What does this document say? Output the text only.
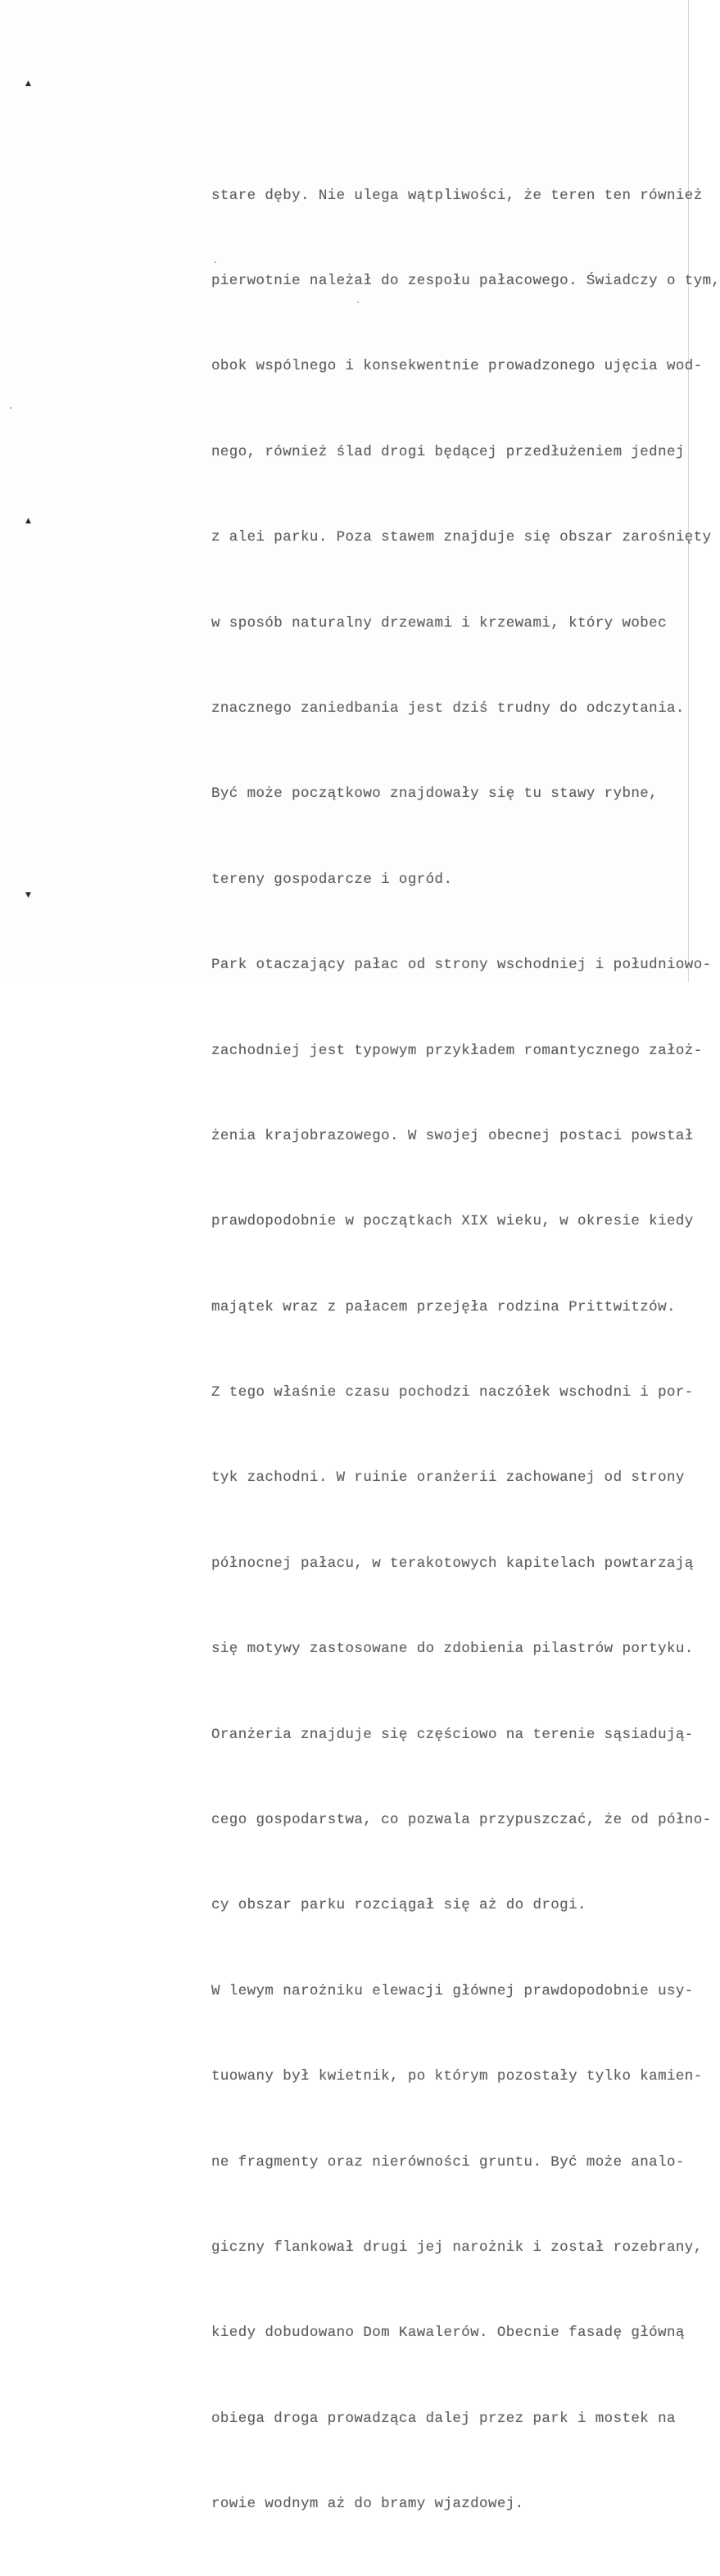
▲
▲
▼

stare dęby. Nie ulega wątpliwości, że teren ten również

pierwotnie należał do zespołu pałacowego. Świadczy o tym,

obok wspólnego i konsekwentnie prowadzonego ujęcia wod-

nego, również ślad drogi będącej przedłużeniem jednej

z alei parku. Poza stawem znajduje się obszar zarośnięty

w sposób naturalny drzewami i krzewami, który wobec

znacznego zaniedbania jest dziś trudny do odczytania.

Być może początkowo znajdowały się tu stawy rybne,

tereny gospodarcze i ogród.

Park otaczający pałac od strony wschodniej i południowo-

zachodniej jest typowym przykładem romantycznego założ-

żenia krajobrazowego. W swojej obecnej postaci powstał

prawdopodobnie w początkach XIX wieku, w okresie kiedy

majątek wraz z pałacem przejęła rodzina Prittwitzów.

Z tego właśnie czasu pochodzi naczółek wschodni i por-

tyk zachodni. W ruinie oranżerii zachowanej od strony

północnej pałacu, w terakotowych kapitelach powtarzają

się motywy zastosowane do zdobienia pilastrów portyku.

Oranżeria znajduje się częściowo na terenie sąsiadują-

cego gospodarstwa, co pozwala przypuszczać, że od półno-

cy obszar parku rozciągał się aż do drogi.

W lewym narożniku elewacji głównej prawdopodobnie usy-

tuowany był kwietnik, po którym pozostały tylko kamien-

ne fragmenty oraz nierówności gruntu. Być może analo-

giczny flankował drugi jej narożnik i został rozebrany,

kiedy dobudowano Dom Kawalerów. Obecnie fasadę główną

obiega droga prowadząca dalej przez park i mostek na

rowie wodnym aż do bramy wjazdowej.
